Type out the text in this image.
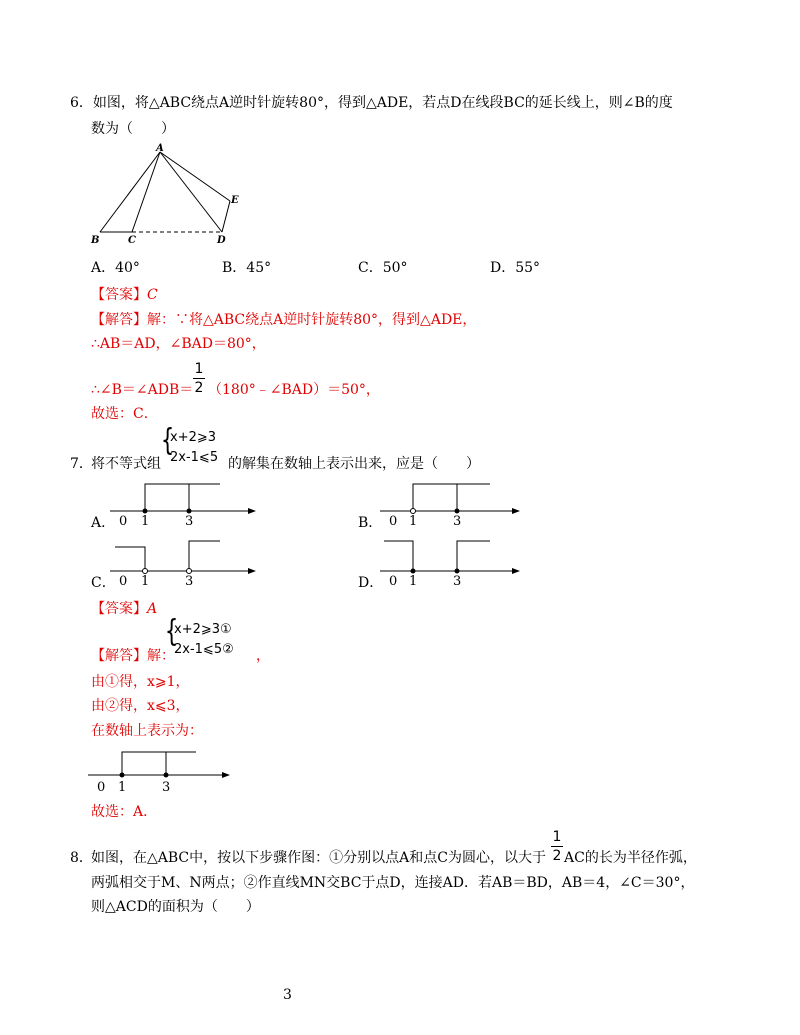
6．如图，将△ABC绕点A逆时针旋转80°，得到△ADE，若点D在线段BC的延长线上，则∠B的度
数为（　　）
A
E
B	C	D
A．40°	B．45°	C．50°	D．55°
【答案】C
【解答】解：∵将△ABC绕点A逆时针旋转80°，得到△ADE，
∴AB＝AD，∠BAD＝80°，
∴∠B＝∠ADB＝ $\frac{1}{2}$ （180°﹣∠BAD）＝50°，
故选：C．
7．
将不等式组
{
x+2⩾3
2x-1⩽5 的解集在数轴上表示出来，应是（　　）
A． 0 1	3	B． 0 1	3
C． 0 1	3	D． 0 1	3
【答案】A
【解答】解：
{
x+2⩾3①
2x-1⩽5② ，
由①得，x⩾1，
由②得，x⩽3，
在数轴上表示为：
0 1	3
故选：A．
8．
如图，在△ABC中，按以下步骤作图：①分别以点A和点C为圆心，以大于 $\frac{1}{2}$ AC的长为半径作弧，
两弧相交于M、N两点；②作直线MN交BC于点D，连接AD．若AB＝BD，AB＝4，∠C＝30°，
则△ACD的面积为（　　）
3
